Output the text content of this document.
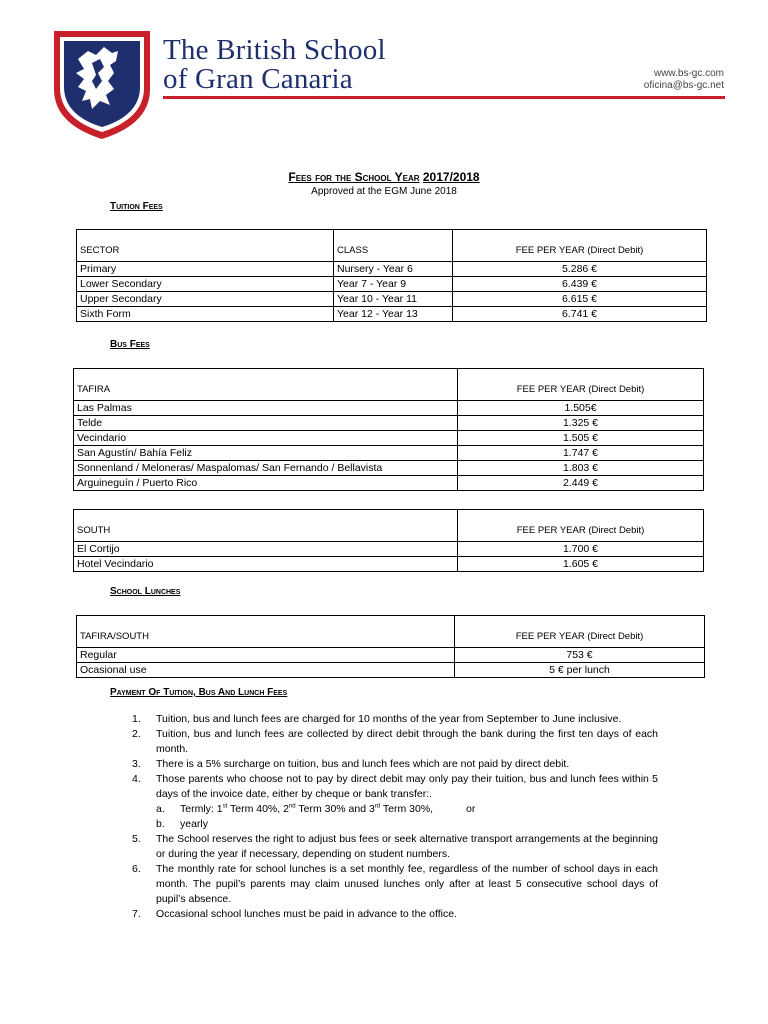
The British School
of Gran Canaria	www.bs-gc.com
oficina@bs-gc.net
Fees for the School Year 2017/2018
Approved at the EGM June 2018
Tuition Fees
SECTOR	CLASS	FEE PER YEAR (Direct Debit)
Primary	Nursery - Year 6	5.286 €
Lower Secondary	Year 7 - Year 9	6.439 €
Upper Secondary	Year 10 - Year 11	6.615 €
Sixth Form	Year 12 - Year 13	6.741 €
Bus Fees
TAFIRA	FEE PER YEAR (Direct Debit)
Las Palmas	1.505€
Telde	1.325 €
Vecindario	1.505 €
San Agustín/ Bahía Feliz	1.747 €
Sonnenland / Meloneras/ Maspalomas/ San Fernando / Bellavista	1.803 €
Arguineguín / Puerto Rico	2.449 €
SOUTH	FEE PER YEAR (Direct Debit)
El Cortijo	1.700 €
Hotel Vecindario	1.605 €
School Lunches
TAFIRA/SOUTH	FEE PER YEAR (Direct Debit)
Regular	753 €
Ocasional use	5 € per lunch
Payment Of Tuition, Bus And Lunch Fees
1. Tuition, bus and lunch fees are charged for 10 months of the year from September to June inclusive.
2. Tuition, bus and lunch fees are collected by direct debit through the bank during the first ten days of each month.
3. There is a 5% surcharge on tuition, bus and lunch fees which are not paid by direct debit.
4. Those parents who choose not to pay by direct debit may only pay their tuition, bus and lunch fees within 5 days of the invoice date, either by cheque or bank transfer:.
a. Termly: 1st Term 40%, 2nd Term 30% and 3rd Term 30%,	or
b. yearly
5. The School reserves the right to adjust bus fees or seek alternative transport arrangements at the beginning or during the year if necessary, depending on student numbers.
6. The monthly rate for school lunches is a set monthly fee, regardless of the number of school days in each month. The pupil’s parents may claim unused lunches only after at least 5 consecutive school days of pupil’s absence.
7. Occasional school lunches must be paid in advance to the office.
